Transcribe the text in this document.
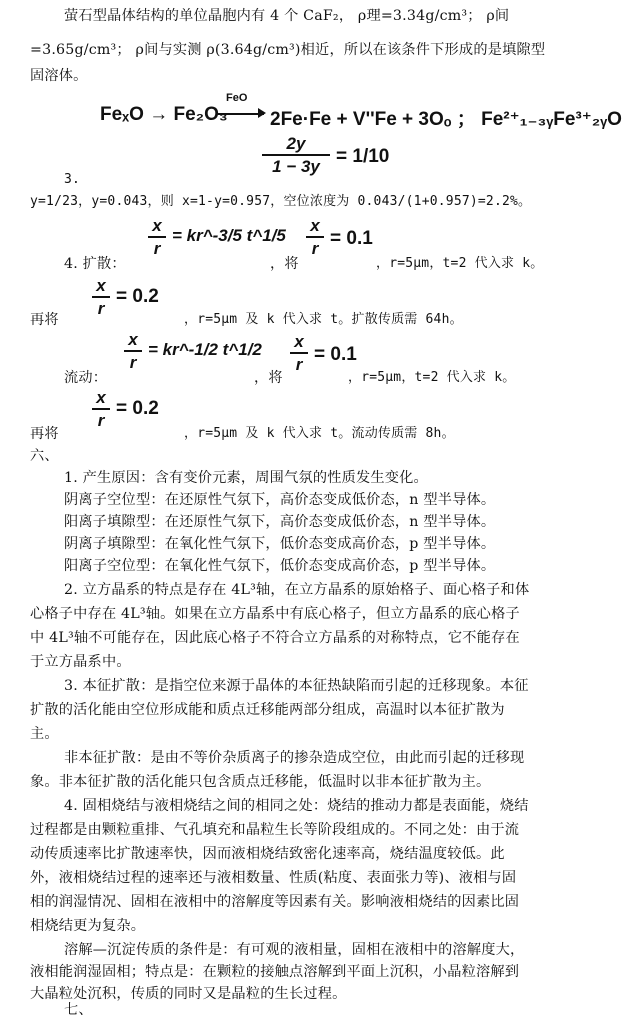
萤石型晶体结构的单位晶胞内有 4 个 CaF₂， ρ理=3.34g/cm³； ρ间
=3.65g/cm³； ρ间与实测 ρ(3.64g/cm³)相近，所以在该条件下形成的是填隙型
固溶体。
FeₓO → Fe₂O₃
FeO
2Fe·Fe + V''Fe + 3Oₒ ； Fe²⁺₁₋₃ᵧFe³⁺₂ᵧO
2y
1 − 3y = 1/10
3.
y=1/23，y=0.043，则 x=1-y=0.957，空位浓度为 0.043/(1+0.957)=2.2%。
x
r
= kr^-3/5 t^1/5
x
r = 0.1
4. 扩散：	，将	，r=5μm，t=2 代入求 k。
x
r
= 0.2
再将	，r=5μm 及 k 代入求 t。扩散传质需 64h。
x
r
= kr^-1/2 t^1/2 x
r = 0.1
流动：	，将	，r=5μm，t=2 代入求 k。
x
r
= 0.2
再将	，r=5μm 及 k 代入求 t。流动传质需 8h。
六、
1. 产生原因：含有变价元素，周围气氛的性质发生变化。
阴离子空位型：在还原性气氛下，高价态变成低价态，n 型半导体。
阳离子填隙型：在还原性气氛下，高价态变成低价态，n 型半导体。
阴离子填隙型：在氧化性气氛下，低价态变成高价态，p 型半导体。
阳离子空位型：在氧化性气氛下，低价态变成高价态，p 型半导体。
2. 立方晶系的特点是存在 4L³轴，在立方晶系的原始格子、面心格子和体
心格子中存在 4L³轴。如果在立方晶系中有底心格子，但立方晶系的底心格子
中 4L³轴不可能存在，因此底心格子不符合立方晶系的对称特点，它不能存在
于立方晶系中。
3. 本征扩散：是指空位来源于晶体的本征热缺陷而引起的迁移现象。本征
扩散的活化能由空位形成能和质点迁移能两部分组成，高温时以本征扩散为
主。
非本征扩散：是由不等价杂质离子的掺杂造成空位，由此而引起的迁移现
象。非本征扩散的活化能只包含质点迁移能，低温时以非本征扩散为主。
4. 固相烧结与液相烧结之间的相同之处：烧结的推动力都是表面能，烧结
过程都是由颗粒重排、气孔填充和晶粒生长等阶段组成的。不同之处：由于流
动传质速率比扩散速率快，因而液相烧结致密化速率高，烧结温度较低。此
外，液相烧结过程的速率还与液相数量、性质(粘度、表面张力等)、液相与固
相的润湿情况、固相在液相中的溶解度等因素有关。影响液相烧结的因素比固
相烧结更为复杂。
溶解—沉淀传质的条件是：有可观的液相量，固相在液相中的溶解度大，
液相能润湿固相；特点是：在颗粒的接触点溶解到平面上沉积，小晶粒溶解到
大晶粒处沉积，传质的同时又是晶粒的生长过程。
七、
